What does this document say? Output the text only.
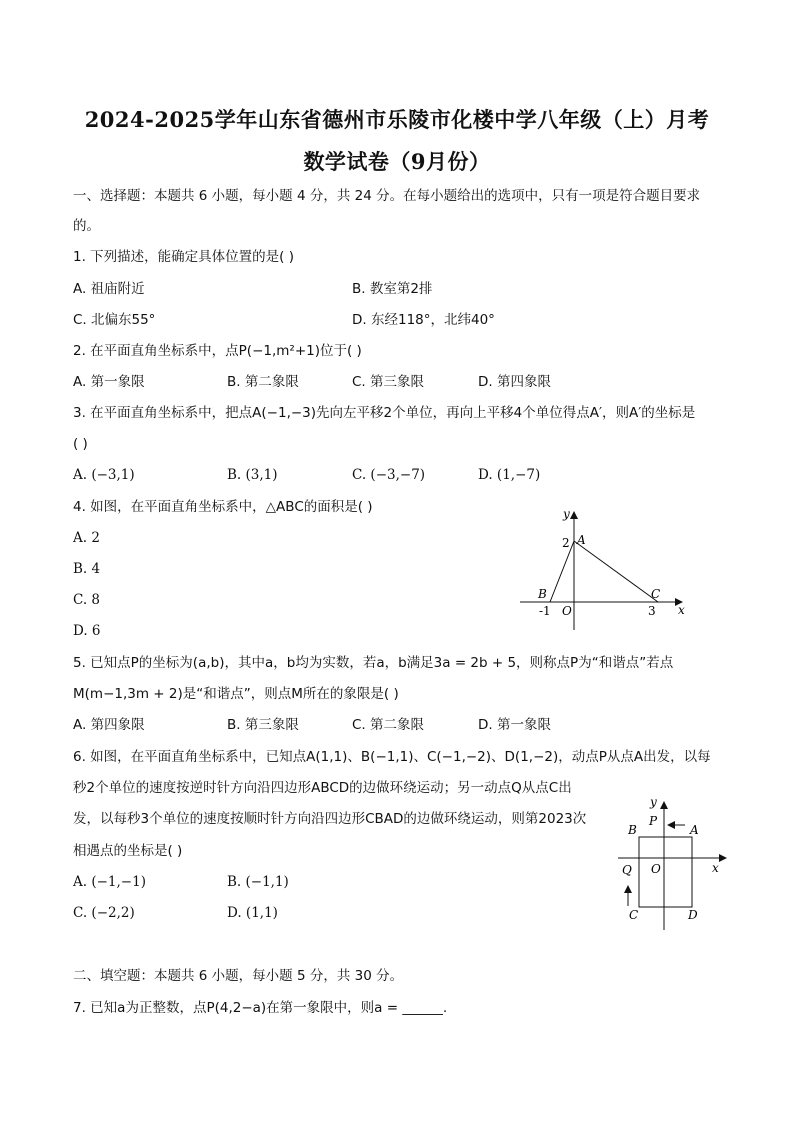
2024-2025学年山东省德州市乐陵市化楼中学八年级（上）月考
数学试卷（9月份）
一、选择题：本题共 6 小题，每小题 4 分，共 24 分。在每小题给出的选项中，只有一项是符合题目要求
的。
1. 下列描述，能确定具体位置的是( )
A. 祖庙附近	B. 教室第2排
C. 北偏东55°	D. 东经118°，北纬40°
2. 在平面直角坐标系中，点P(−1,m²+1)位于( )
A. 第一象限	B. 第二象限	C. 第三象限	D. 第四象限
3. 在平面直角坐标系中，把点A(−1,−3)先向左平移2个单位，再向上平移4个单位得点A′，则A′的坐标是
( )
A. (−3,1)	B. (3,1)	C. (−3,−7)	D. (1,−7)
4. 如图，在平面直角坐标系中，△ABC的面积是( )
A. 2
B. 4
C. 8
D. 6
y
x
O
A
B	C
2
-1	3
5. 已知点P的坐标为(a,b)，其中a，b均为实数，若a，b满足3a = 2b + 5，则称点P为“和谐点”若点
M(m−1,3m + 2)是“和谐点”，则点M所在的象限是( )
A. 第四象限	B. 第三象限	C. 第二象限	D. 第一象限
6. 如图，在平面直角坐标系中，已知点A(1,1)、B(−1,1)、C(−1,−2)、D(1,−2)，动点P从点A出发，以每
秒2个单位的速度按逆时针方向沿四边形ABCD的边做环绕运动；另一动点Q从点C出
发，以每秒3个单位的速度按顺时针方向沿四边形CBAD的边做环绕运动，则第2023次
相遇点的坐标是( )
A. (−1,−1)	B. (−1,1)
C. (−2,2)	D. (1,1)
y
x
O
P
Q
A
B
C	D
二、填空题：本题共 6 小题，每小题 5 分，共 30 分。
7. 已知a为正整数，点P(4,2−a)在第一象限中，则a = ______.
